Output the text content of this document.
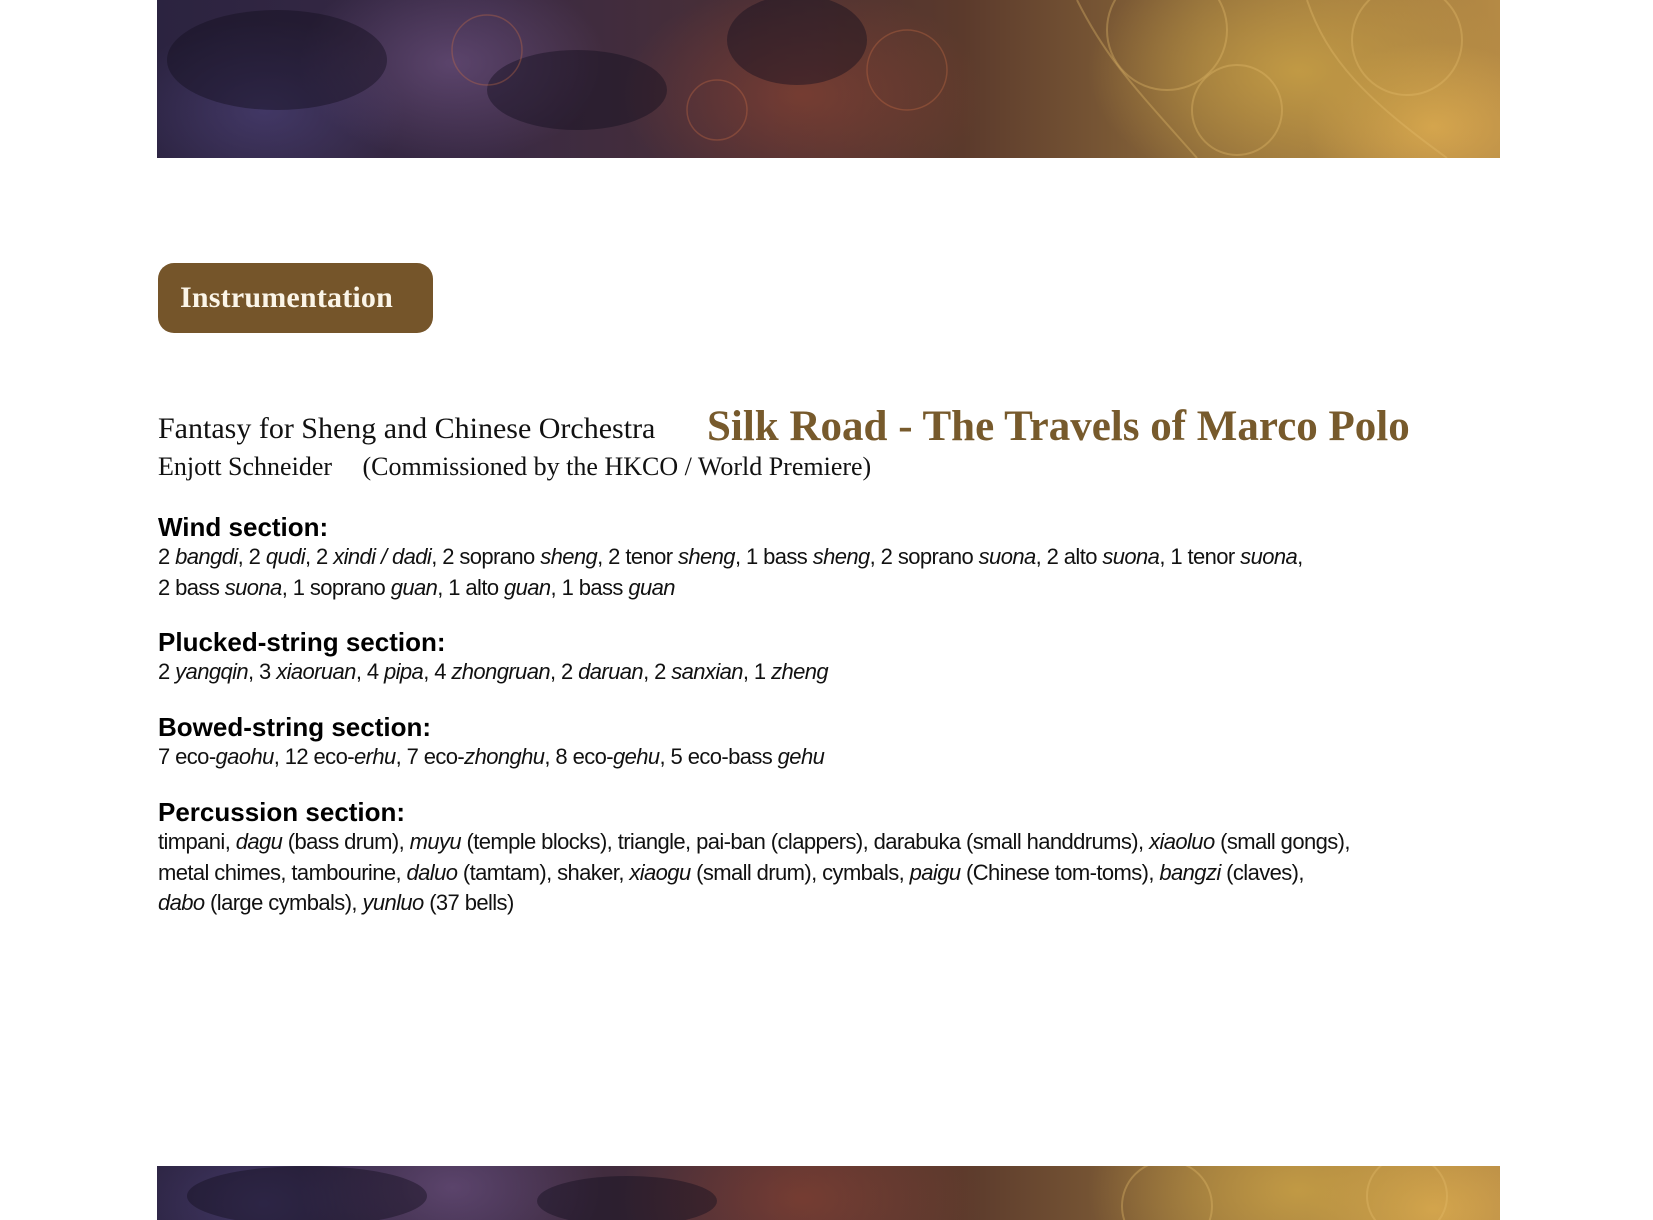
Instrumentation
Fantasy for Sheng and Chinese Orchestra Silk Road - The Travels of Marco Polo
Enjott Schneider (Commissioned by the HKCO / World Premiere)
Wind section:

2 bangdi, 2 qudi, 2 xindi / dadi, 2 soprano sheng, 2 tenor sheng, 1 bass sheng, 2 soprano suona, 2 alto suona, 1 tenor suona,
2 bass suona, 1 soprano guan, 1 alto guan, 1 bass guan

Plucked-string section:

2 yangqin, 3 xiaoruan, 4 pipa, 4 zhongruan, 2 daruan, 2 sanxian, 1 zheng

Bowed-string section:

7 eco-gaohu, 12 eco-erhu, 7 eco-zhonghu, 8 eco-gehu, 5 eco-bass gehu

Percussion section:

timpani, dagu (bass drum), muyu (temple blocks), triangle, pai-ban (clappers), darabuka (small handdrums), xiaoluo (small gongs),
metal chimes, tambourine, daluo (tamtam), shaker, xiaogu (small drum), cymbals, paigu (Chinese tom-toms), bangzi (claves),
dabo (large cymbals), yunluo (37 bells)
